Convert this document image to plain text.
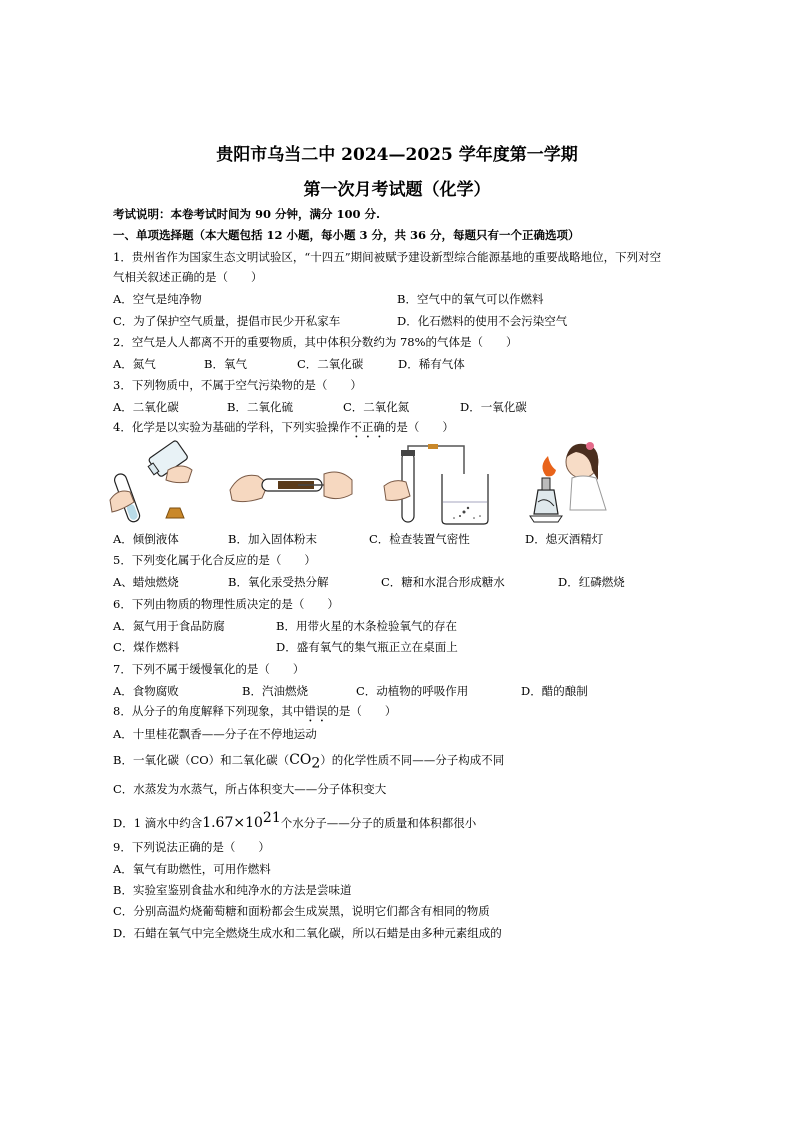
贵阳市乌当二中 2024—2025 学年度第一学期
第一次月考试题（化学）
考试说明：本卷考试时间为 90 分钟，满分 100 分.
一、单项选择题（本大题包括 12 小题，每小题 3 分，共 36 分，每题只有一个正确选项）
1．贵州省作为国家生态文明试验区，“十四五”期间被赋予建设新型综合能源基地的重要战略地位，下列对空
气相关叙述正确的是（　　）
A．空气是纯净物	B．空气中的氧气可以作燃料
C．为了保护空气质量，提倡市民少开私家车	D．化石燃料的使用不会污染空气
2．空气是人人都离不开的重要物质，其中体积分数约为 78%的气体是（　　）
A．氮气	B．氧气	C．二氧化碳	D．稀有气体
3．下列物质中，不属于空气污染物的是（　　）
A．二氧化碳	B．二氧化硫	C．二氧化氮	D．一氧化碳
4．化学是以实验为基础的学科，下列实验操作不正确的是（　　）
A．倾倒液体	B．加入固体粉末	C．检查装置气密性	D．熄灭酒精灯
5．下列变化属于化合反应的是（　　）
A、蜡烛燃烧	B．氧化汞受热分解	C．糖和水混合形成糖水	D．红磷燃烧
6．下列由物质的物理性质决定的是（　　）
A．氮气用于食品防腐	B．用带火星的木条检验氧气的存在
C．煤作燃料	D．盛有氧气的集气瓶正立在桌面上
7．下列不属于缓慢氧化的是（　　）
A．食物腐败	B．汽油燃烧	C．动植物的呼吸作用	D．醋的酿制
8．从分子的角度解释下列现象，其中错误的是（　　）
A．十里桂花飘香——分子在不停地运动
B．一氧化碳（CO）和二氧化碳$(CO_2)$的化学性质不同——分子构成不同
C．水蒸发为水蒸气，所占体积变大——分子体积变大
D．1 滴水中约含$1.67\times 10^{21}$个水分子——分子的质量和体积都很小
9．下列说法正确的是（　　）
A．氧气有助燃性，可用作燃料
B．实验室鉴别食盐水和纯净水的方法是尝味道
C．分别高温灼烧葡萄糖和面粉都会生成炭黑，说明它们都含有相同的物质
D．石蜡在氧气中完全燃烧生成水和二氧化碳，所以石蜡是由多种元素组成的
